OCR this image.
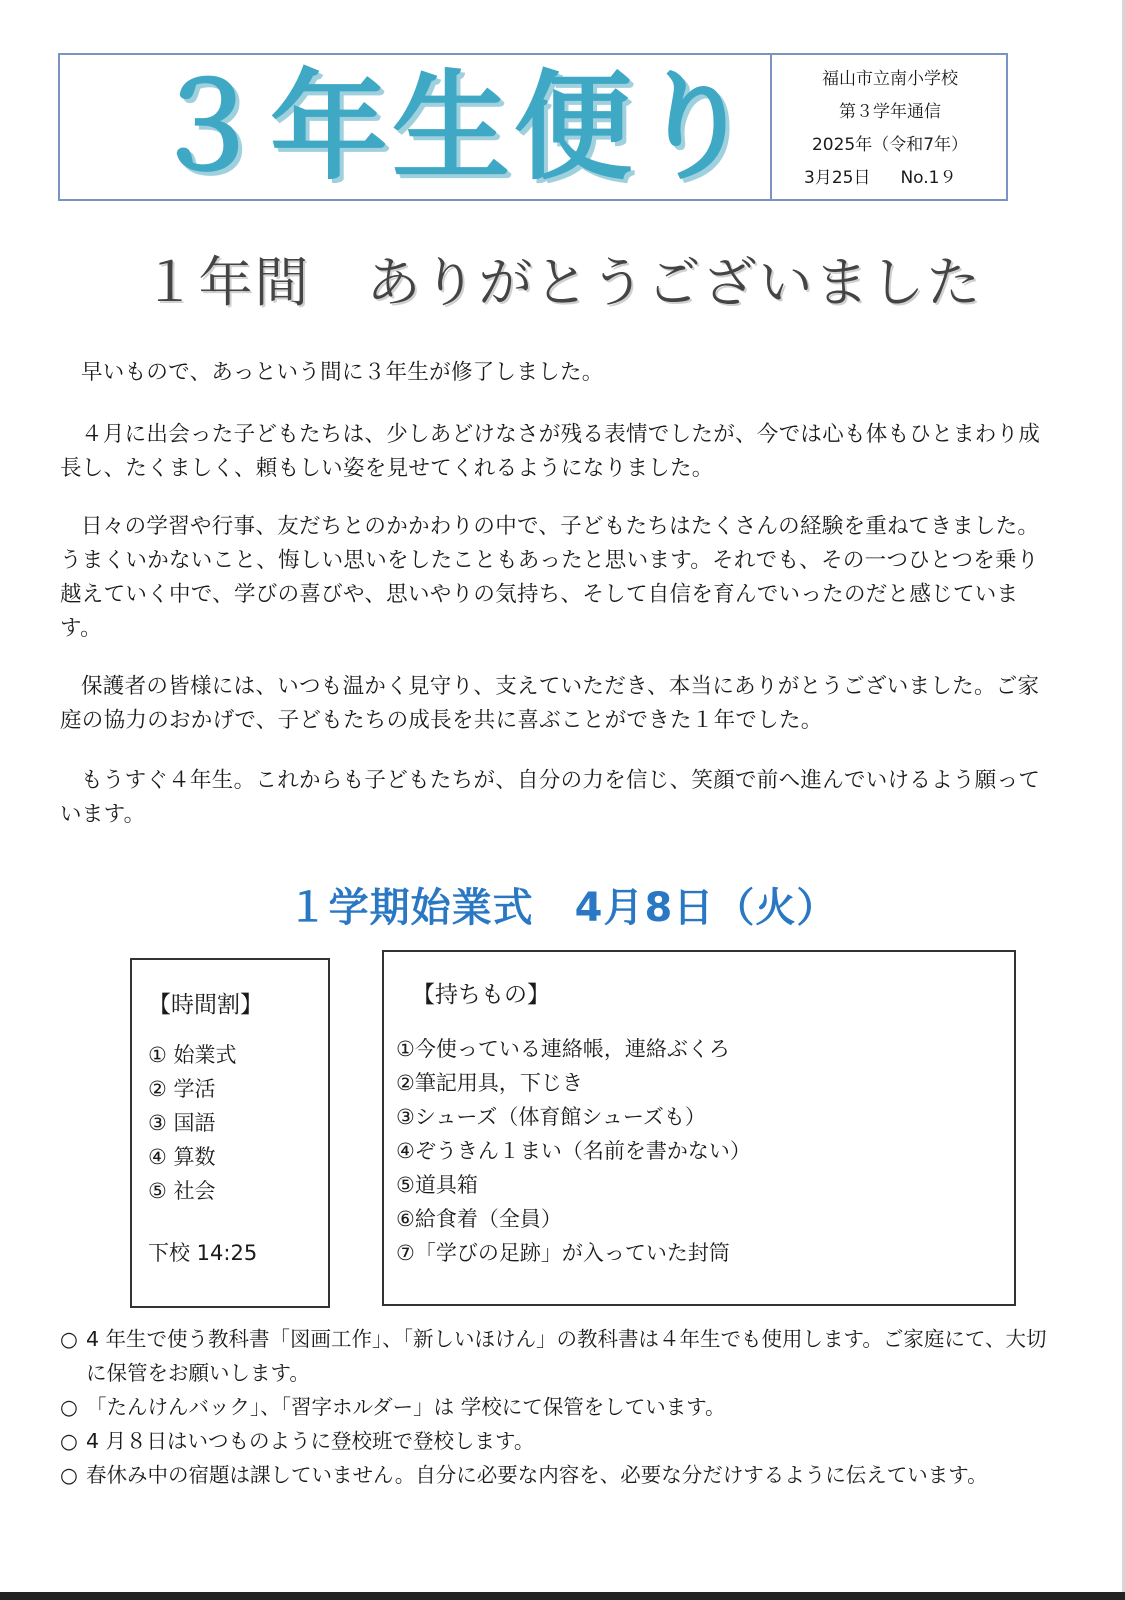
３年生便り	福山市立南小学校
第３学年通信
2025年（令和7年）
3月25日 No.1９
１年間　ありがとうございました
早いもので、あっという間に３年生が修了しました。
４月に出会った子どもたちは、少しあどけなさが残る表情でしたが、今では心も体もひとまわり成長し、たくましく、頼もしい姿を見せてくれるようになりました。
日々の学習や行事、友だちとのかかわりの中で、子どもたちはたくさんの経験を重ねてきました。うまくいかないこと、悔しい思いをしたこともあったと思います。それでも、その一つひとつを乗り越えていく中で、学びの喜びや、思いやりの気持ち、そして自信を育んでいったのだと感じています。
保護者の皆様には、いつも温かく見守り、支えていただき、本当にありがとうございました。ご家庭の協力のおかげで、子どもたちの成長を共に喜ぶことができた１年でした。
もうすぐ４年生。これからも子どもたちが、自分の力を信じ、笑顔で前へ進んでいけるよう願っています。
１学期始業式　4月8日（火）
【時間割】
① 始業式
② 学活
③ 国語
④ 算数
⑤ 社会
下校 14:25
【持ちもの】
①今使っている連絡帳，連絡ぶくろ
②筆記用具，下じき
③シューズ（体育館シューズも）
④ぞうきん１まい（名前を書かない）
⑤道具箱
⑥給食着（全員）
⑦「学びの足跡」が入っていた封筒
○ 4 年生で使う教科書「図画工作」、「新しいほけん」の教科書は４年生でも使用します。ご家庭にて、大切に保管をお願いします。
○ 「たんけんバック」、「習字ホルダー」は 学校にて保管をしています。
○ 4 月８日はいつものように登校班で登校します。
○ 春休み中の宿題は課していません。自分に必要な内容を、必要な分だけするように伝えています。
